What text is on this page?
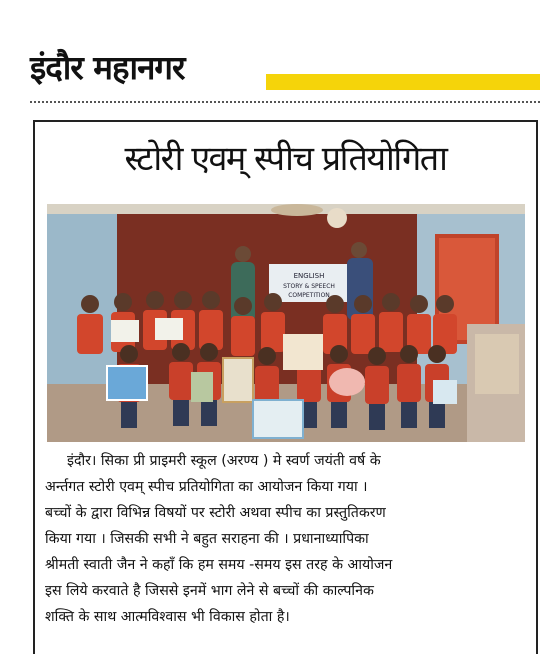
इंदौर महानगर
स्टोरी एवम् स्पीच प्रतियोगिता
ENGLISH
STORY & SPEECH
COMPETITION
इंदौर। सिका प्री प्राइमरी स्कूल (अरण्य ) मे स्वर्ण जयंती वर्ष के
अर्न्तगत स्टोरी एवम् स्पीच प्रतियोगिता का आयोजन किया गया ।
बच्चों के द्वारा विभिन्न विषयों पर स्टोरी अथवा स्पीच का प्रस्तुतिकरण
किया गया । जिसकी सभी ने बहुत सराहना की । प्रधानाध्यापिका
श्रीमती स्वाती जैन ने कहाँ कि हम समय -समय इस तरह के आयोजन
इस लिये करवाते है जिससे इनमें भाग लेने से बच्चों की काल्पनिक
शक्ति के साथ आत्मविश्वास भी विकास होता है।
